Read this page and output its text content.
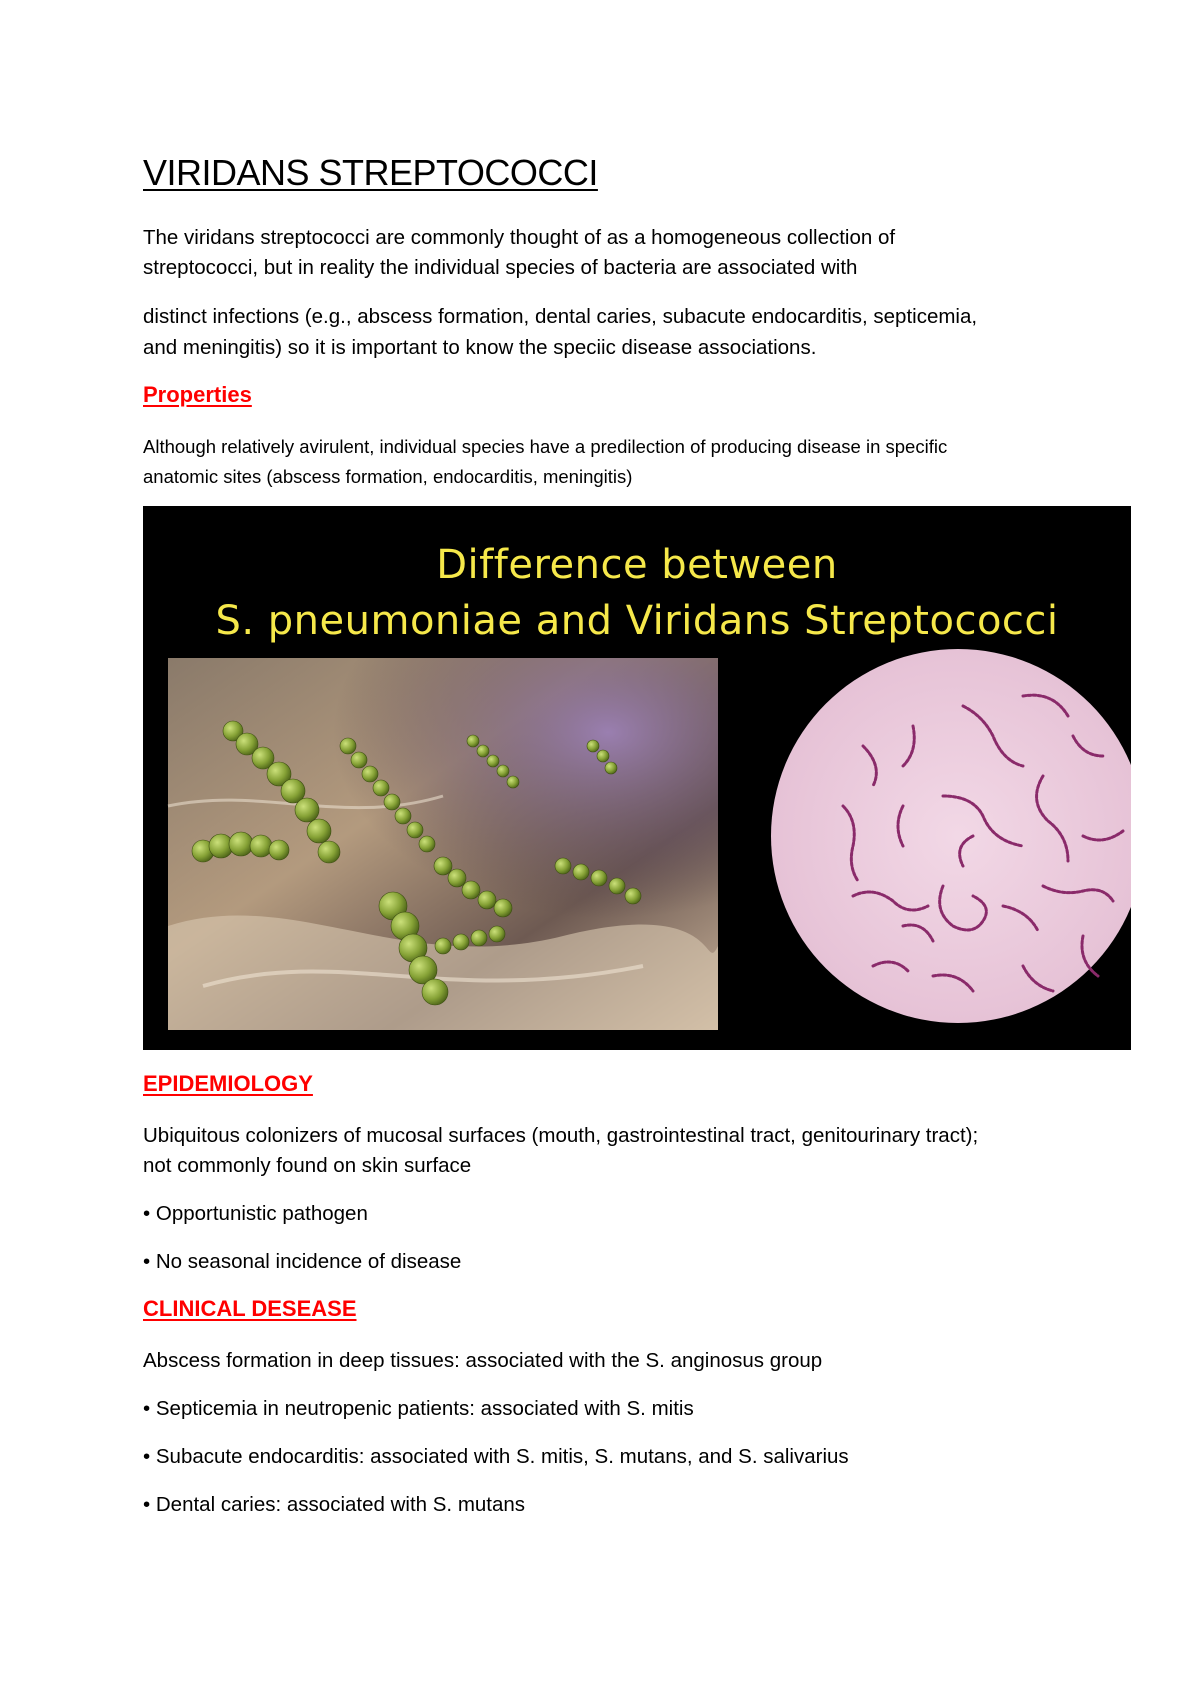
VIRIDANS STREPTOCOCCI

The viridans streptococci are commonly thought of as a homogeneous collection of

streptococci, but in reality the individual species of bacteria are associated with

distinct infections (e.g., abscess formation, dental caries, subacute endocarditis, septicemia,

and meningitis) so it is important to know the speciic disease associations.

Properties

Although relatively avirulent, individual species have a predilection of producing disease in specific

anatomic sites (abscess formation, endocarditis, meningitis)

Difference between
S. pneumoniae and Viridans Streptococci
EPIDEMIOLOGY

Ubiquitous colonizers of mucosal surfaces (mouth, gastrointestinal tract, genitourinary tract);

not commonly found on skin surface

• Opportunistic pathogen

• No seasonal incidence of disease

CLINICAL DESEASE

Abscess formation in deep tissues: associated with the S. anginosus group

• Septicemia in neutropenic patients: associated with S. mitis

• Subacute endocarditis: associated with S. mitis, S. mutans, and S. salivarius

• Dental caries: associated with S. mutans
